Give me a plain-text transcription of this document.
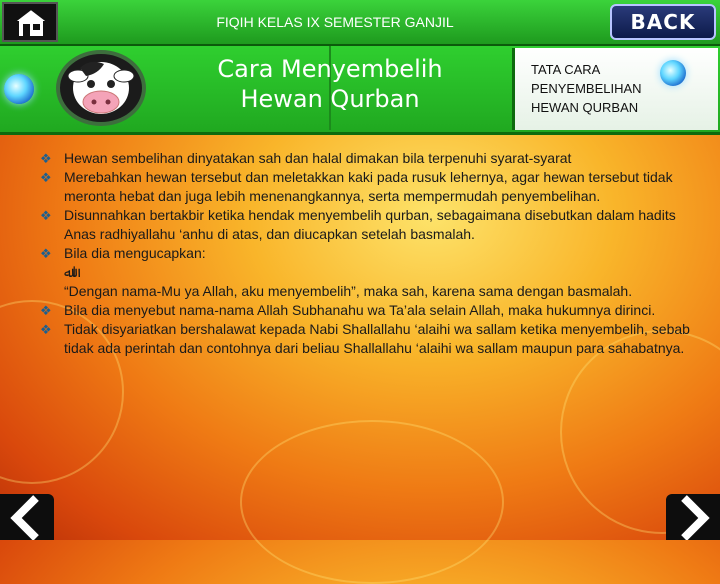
FIQIH KELAS IX SEMESTER GANJIL	BACK
Cara Menyembelih
Hewan Qurban
TATA CARA
PENYEMBELIHAN
HEWAN QURBAN

❖ Hewan sembelihan dinyatakan sah dan halal dimakan bila terpenuhi syarat-syarat

❖ Merebahkan hewan tersebut dan meletakkan kaki pada rusuk lehernya, agar hewan tersebut tidak meronta hebat dan juga lebih menenangkannya, serta mempermudah penyembelihan.

❖ Disunnahkan bertakbir ketika hendak menyembelih qurban, sebagaimana disebutkan dalam hadits Anas radhiyallahu ‘anhu di atas, dan diucapkan setelah basmalah.

❖ Bila dia mengucapkan:

اﷲ

“Dengan nama-Mu ya Allah, aku menyembelih”, maka sah, karena sama dengan basmalah.

❖ Bila dia menyebut nama-nama Allah Subhanahu wa Ta’ala selain Allah, maka hukumnya dirinci.

❖ Tidak disyariatkan bershalawat kepada Nabi Shallallahu ‘alaihi wa sallam ketika menyembelih, sebab tidak ada perintah dan contohnya dari beliau Shallallahu ‘alaihi wa sallam maupun para sahabatnya.
